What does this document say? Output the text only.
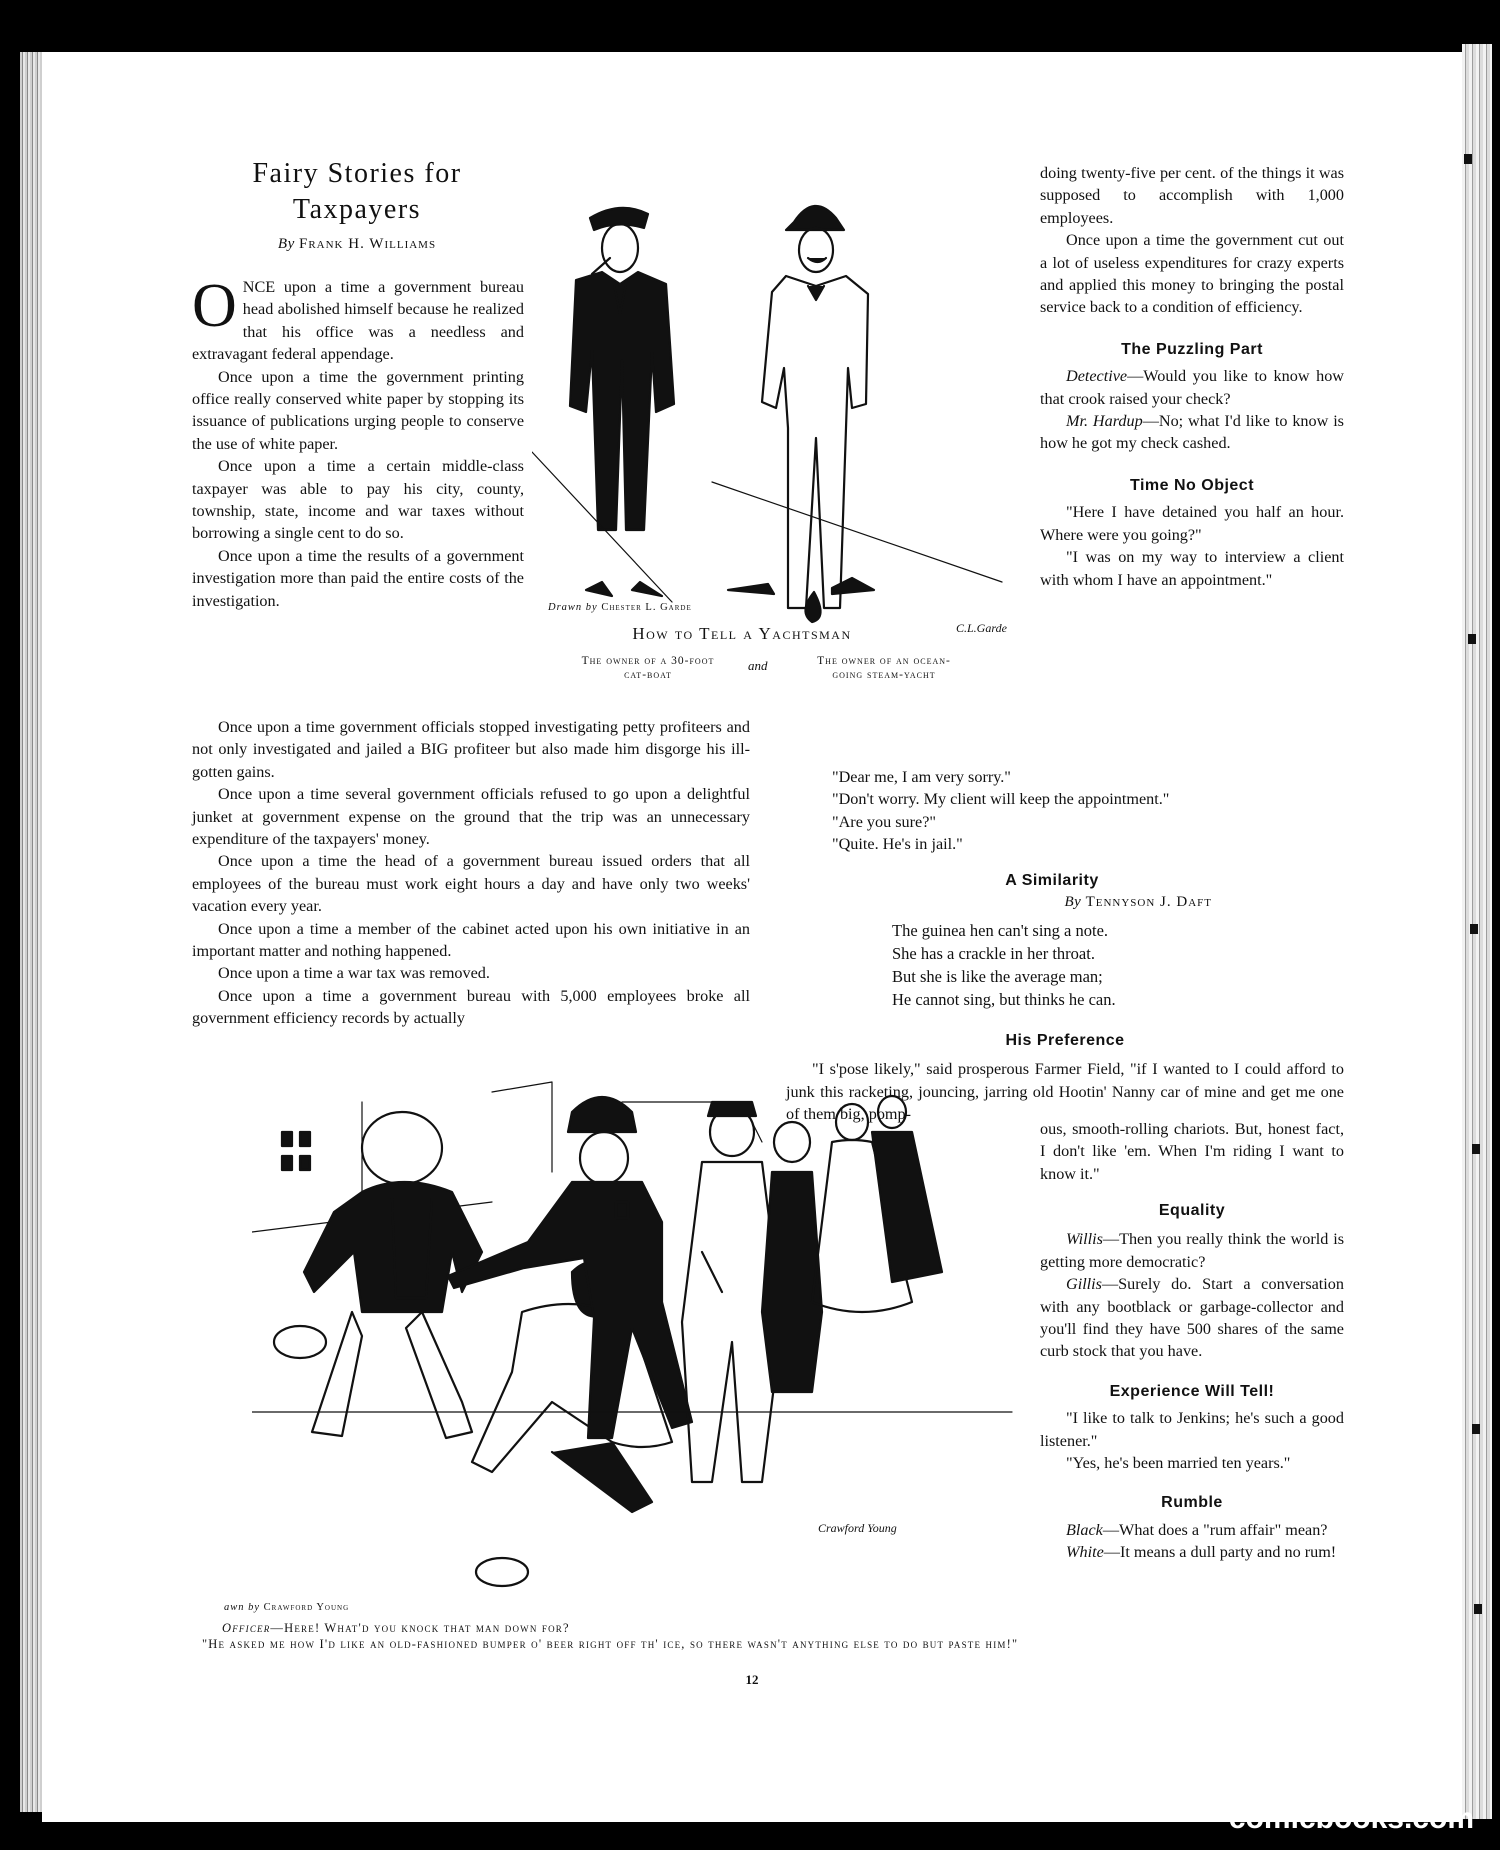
Fairy Stories for
Taxpayers
By Frank H. Williams

ONCE upon a time a government bureau head abolished himself because he realized that his office was a needless and extravagant federal appendage.

Once upon a time the government printing office really conserved white paper by stopping its issuance of publications urging people to conserve the use of white paper.

Once upon a time a certain middle-class taxpayer was able to pay his city, county, township, state, income and war taxes without borrowing a single cent to do so.

Once upon a time the results of a government investigation more than paid the entire costs of the investigation.

Once upon a time government officials stopped investigating petty profiteers and not only investigated and jailed a BIG profiteer but also made him disgorge his ill-gotten gains.

Once upon a time several government officials refused to go upon a delightful junket at government expense on the ground that the trip was an unnecessary expenditure of the taxpayers' money.

Once upon a time the head of a government bureau issued orders that all employees of the bureau must work eight hours a day and have only two weeks' vacation every year.

Once upon a time a member of the cabinet acted upon his own initiative in an important matter and nothing happened.

Once upon a time a war tax was removed.

Once upon a time a government bureau with 5,000 employees broke all government efficiency records by actually

C.L.Garde
Drawn by Chester L. Garde
How to Tell a Yachtsman
The owner of a 30-foot
cat-boat
and	The owner of an ocean-
going steam-yacht

doing twenty-five per cent. of the things it was supposed to accomplish with 1,000 employees.

Once upon a time the government cut out a lot of useless expenditures for crazy experts and applied this money to bringing the postal service back to a condition of efficiency.

The Puzzling Part

Detective—Would you like to know how that crook raised your check?

Mr. Hardup—No; what I'd like to know is how he got my check cashed.

Time No Object

"Here I have detained you half an hour. Where were you going?"

"I was on my way to interview a client with whom I have an appointment."

"Dear me, I am very sorry."

"Don't worry. My client will keep the appointment."

"Are you sure?"

"Quite. He's in jail."

A Similarity
By Tennyson J. Daft
The guinea hen can't sing a note.
She has a crackle in her throat.
But she is like the average man;
He cannot sing, but thinks he can.
His Preference

"I s'pose likely," said prosperous Farmer Field, "if I wanted to I could afford to junk this racketing, jouncing, jarring old Hootin' Nanny car of mine and get me one of them big, pomp-

ous, smooth-rolling chariots. But, honest fact, I don't like 'em. When I'm riding I want to know it."

Equality

Willis—Then you really think the world is getting more democratic?

Gillis—Surely do. Start a conversation with any bootblack or garbage-collector and you'll find they have 500 shares of the same curb stock that you have.

Experience Will Tell!

"I like to talk to Jenkins; he's such a good listener."

"Yes, he's been married ten years."

Rumble

Black—What does a "rum affair" mean?

White—It means a dull party and no rum!

Crawford Young
awn by Crawford Young
Officer—Here! What'd you knock that man down for?
"He asked me how I'd like an old-fashioned bumper o' beer right off th' ice, so there wasn't anything else to do but paste him!"
12
comicbooks.com
